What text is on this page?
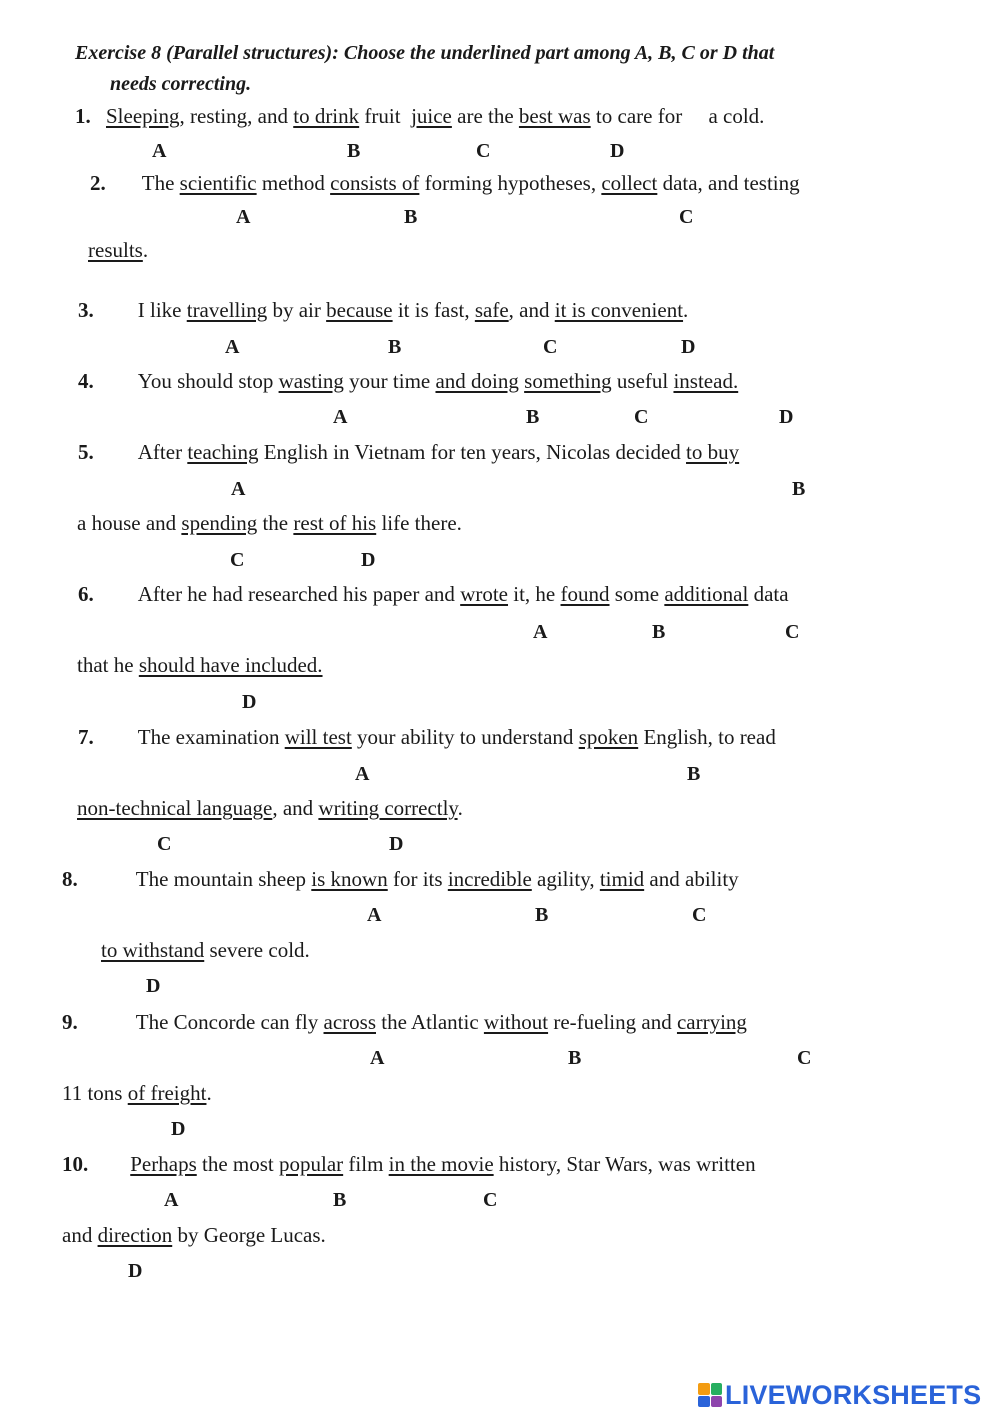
Exercise 8 (Parallel structures): Choose the underlined part among A, B, C or D that
needs correcting.
1. Sleeping, resting, and to drink fruit  juice are the best was to care for     a cold.
A	B	C	D
2. The scientific method consists of forming hypotheses, collect data, and testing
A	B	C
results.
3. I like travelling by air because it is fast, safe, and it is convenient.
A	B	C	D
4. You should stop wasting your time and doing something useful instead.
A	B	C	D
5. After teaching English in Vietnam for ten years, Nicolas decided to buy
A	B
a house and spending the rest of his life there.
C	D
6. After he had researched his paper and wrote it, he found some additional data
A	B	C
that he should have included.
D
7. The examination will test your ability to understand spoken English, to read
A	B
non-technical language, and writing correctly.
C	D
8.	The mountain sheep is known for its incredible agility, timid and ability
A	B	C
to withstand severe cold.
D
9.	The Concorde can fly across the Atlantic without re-fueling and carrying
A	B	C
11 tons of freight.
D
10. Perhaps the most popular film in the movie history, Star Wars, was written
A	B	C
and direction by George Lucas.
D
LIVEWORKSHEETS
